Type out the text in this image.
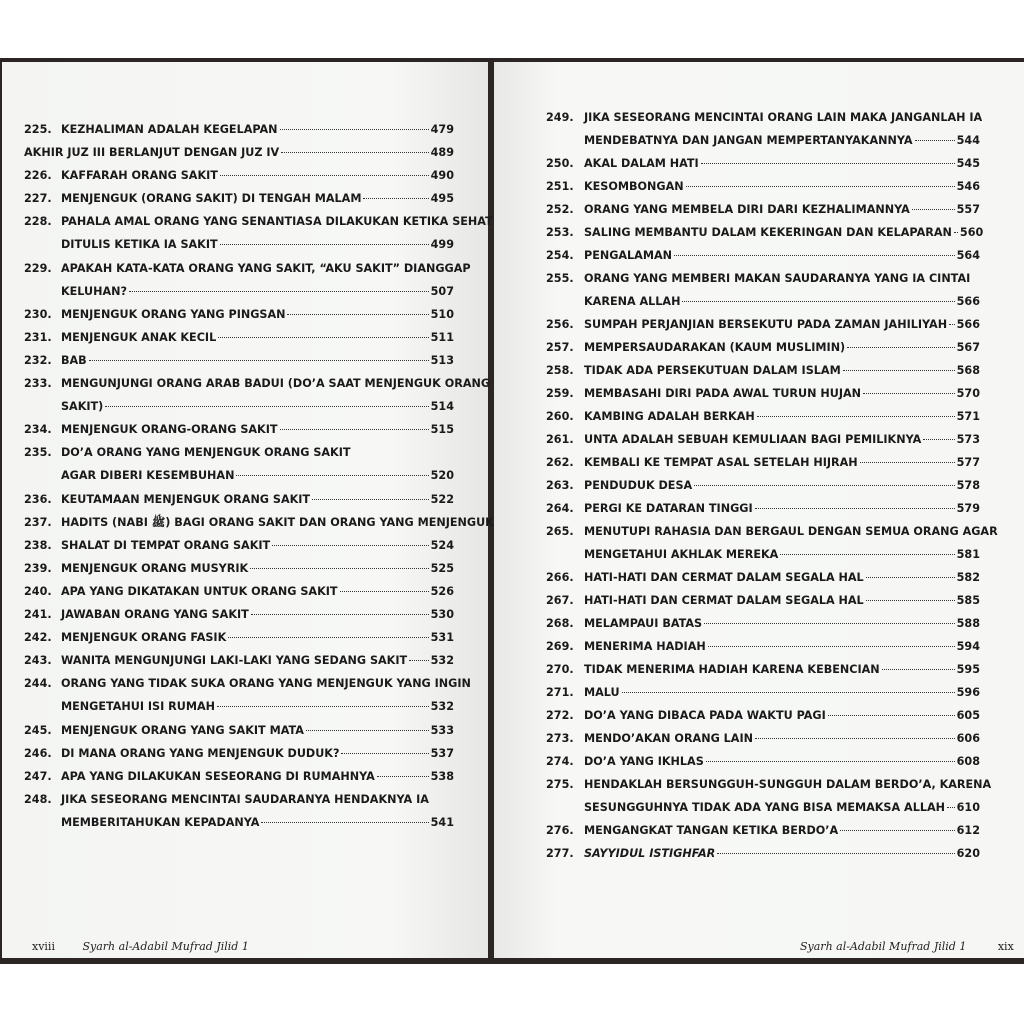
225. KEZHALIMAN ADALAH KEGELAPAN	479
AKHIR JUZ III BERLANJUT DENGAN JUZ IV	489
226. KAFFARAH ORANG SAKIT	490
227. MENJENGUK (ORANG SAKIT) DI TENGAH MALAM	495
228. PAHALA AMAL ORANG YANG SENANTIASA DILAKUKAN KETIKA SEHAT
DITULIS KETIKA IA SAKIT	499
229. APAKAH KATA-KATA ORANG YANG SAKIT, “AKU SAKIT” DIANGGAP
KELUHAN?	507
230. MENJENGUK ORANG YANG PINGSAN	510
231. MENJENGUK ANAK KECIL	511
232. BAB	513
233. MENGUNJUNGI ORANG ARAB BADUI (DO’A SAAT MENJENGUK ORANG
SAKIT)	514
234. MENJENGUK ORANG-ORANG SAKIT	515
235. DO’A ORANG YANG MENJENGUK ORANG SAKIT
AGAR DIBERI KESEMBUHAN	520
236. KEUTAMAAN MENJENGUK ORANG SAKIT	522
237. HADITS (NABI ﷺ) BAGI ORANG SAKIT DAN ORANG YANG MENJENGUK
238. SHALAT DI TEMPAT ORANG SAKIT	524
239. MENJENGUK ORANG MUSYRIK	525
240. APA YANG DIKATAKAN UNTUK ORANG SAKIT	526
241. JAWABAN ORANG YANG SAKIT	530
242. MENJENGUK ORANG FASIK	531
243. WANITA MENGUNJUNGI LAKI-LAKI YANG SEDANG SAKIT 532
244. ORANG YANG TIDAK SUKA ORANG YANG MENJENGUK YANG INGIN
MENGETAHUI ISI RUMAH	532
245. MENJENGUK ORANG YANG SAKIT MATA	533
246. DI MANA ORANG YANG MENJENGUK DUDUK?	537
247. APA YANG DILAKUKAN SESEORANG DI RUMAHNYA	538
248. JIKA SESEORANG MENCINTAI SAUDARANYA HENDAKNYA IA
MEMBERITAHUKAN KEPADANYA	541
xviii	Syarh al-Adabil Mufrad Jilid 1
249. JIKA SESEORANG MENCINTAI ORANG LAIN MAKA JANGANLAH IA
MENDEBATNYA DAN JANGAN MEMPERTANYAKANNYA	544
250. AKAL DALAM HATI	545
251. KESOMBONGAN	546
252. ORANG YANG MEMBELA DIRI DARI KEZHALIMANNYA	557
253. SALING MEMBANTU DALAM KEKERINGAN DAN KELAPARAN 560
254. PENGALAMAN	564
255. ORANG YANG MEMBERI MAKAN SAUDARANYA YANG IA CINTAI
KARENA ALLAH	566
256. SUMPAH PERJANJIAN BERSEKUTU PADA ZAMAN JAHILIYAH 566
257. MEMPERSAUDARAKAN (KAUM MUSLIMIN)	567
258. TIDAK ADA PERSEKUTUAN DALAM ISLAM	568
259. MEMBASAHI DIRI PADA AWAL TURUN HUJAN	570
260. KAMBING ADALAH BERKAH	571
261. UNTA ADALAH SEBUAH KEMULIAAN BAGI PEMILIKNYA	573
262. KEMBALI KE TEMPAT ASAL SETELAH HIJRAH	577
263. PENDUDUK DESA	578
264. PERGI KE DATARAN TINGGI	579
265. MENUTUPI RAHASIA DAN BERGAUL DENGAN SEMUA ORANG AGAR
MENGETAHUI AKHLAK MEREKA	581
266. HATI-HATI DAN CERMAT DALAM SEGALA HAL	582
267. HATI-HATI DAN CERMAT DALAM SEGALA HAL	585
268. MELAMPAUI BATAS	588
269. MENERIMA HADIAH	594
270. TIDAK MENERIMA HADIAH KARENA KEBENCIAN	595
271. MALU	596
272. DO’A YANG DIBACA PADA WAKTU PAGI	605
273. MENDO’AKAN ORANG LAIN	606
274. DO’A YANG IKHLAS	608
275. HENDAKLAH BERSUNGGUH-SUNGGUH DALAM BERDO’A, KARENA
SESUNGGUHNYA TIDAK ADA YANG BISA MEMAKSA ALLAH 610
276. MENGANGKAT TANGAN KETIKA BERDO’A	612
277. SAYYIDUL ISTIGHFAR	620
Syarh al-Adabil Mufrad Jilid 1	xix
